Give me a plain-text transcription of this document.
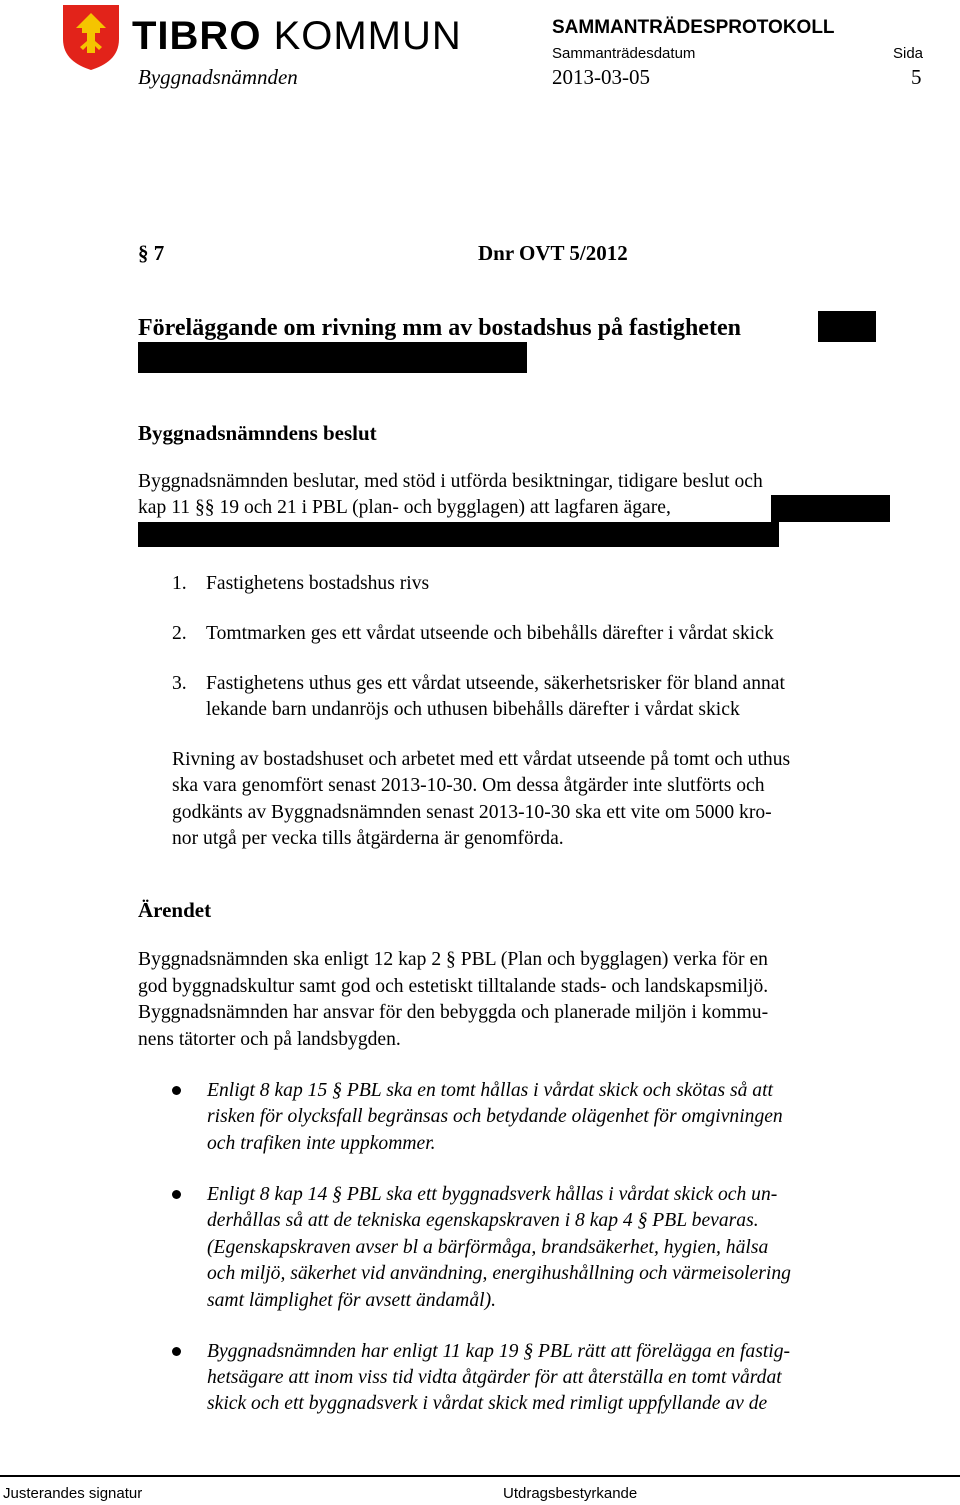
TIBRO KOMMUN	SAMMANTRÄDESPROTOKOLL
Sammanträdesdatum	Sida
Byggnadsnämnden	2013-03-05	5
§ 7	Dnr OVT 5/2012
Föreläggande om rivning mm av bostadshus på fastigheten
Byggnadsnämndens beslut
Byggnadsnämnden beslutar, med stöd i utförda besiktningar, tidigare beslut och
kap 11 §§ 19 och 21 i PBL (plan- och bygglagen) att lagfaren ägare,
1. Fastighetens bostadshus rivs
2. Tomtmarken ges ett vårdat utseende och bibehålls därefter i vårdat skick
3. Fastighetens uthus ges ett vårdat utseende, säkerhetsrisker för bland annat
lekande barn undanröjs och uthusen bibehålls därefter i vårdat skick
Rivning av bostadshuset och arbetet med ett vårdat utseende på tomt och uthus
ska vara genomfört senast 2013-10-30. Om dessa åtgärder inte slutförts och
godkänts av Byggnadsnämnden senast 2013-10-30 ska ett vite om 5000 kro-
nor utgå per vecka tills åtgärderna är genomförda.
Ärendet
Byggnadsnämnden ska enligt 12 kap 2 § PBL (Plan och bygglagen) verka för en
god byggnadskultur samt god och estetiskt tilltalande stads- och landskapsmiljö.
Byggnadsnämnden har ansvar för den bebyggda och planerade miljön i kommu-
nens tätorter och på landsbygden.
Enligt 8 kap 15 § PBL ska en tomt hållas i vårdat skick och skötas så att
risken för olycksfall begränsas och betydande olägenhet för omgivningen
och trafiken inte uppkommer.
Enligt 8 kap 14 § PBL ska ett byggnadsverk hållas i vårdat skick och un-
derhållas så att de tekniska egenskapskraven i 8 kap 4 § PBL bevaras.
(Egenskapskraven avser bl a bärförmåga, brandsäkerhet, hygien, hälsa
och miljö, säkerhet vid användning, energihushållning och värmeisolering
samt lämplighet för avsett ändamål).
Byggnadsnämnden har enligt 11 kap 19 § PBL rätt att förelägga en fastig-
hetsägare att inom viss tid vidta åtgärder för att återställa en tomt vårdat
skick och ett byggnadsverk i vårdat skick med rimligt uppfyllande av de
Justerandes signatur	Utdragsbestyrkande
